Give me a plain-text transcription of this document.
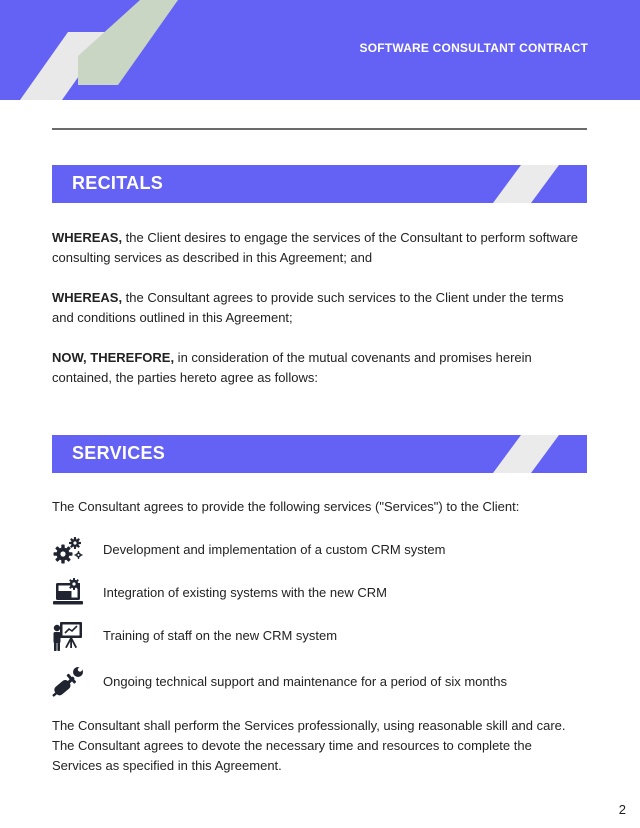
SOFTWARE CONSULTANT CONTRACT
RECITALS
WHEREAS, the Client desires to engage the services of the Consultant to perform software
consulting services as described in this Agreement; and
WHEREAS, the Consultant agrees to provide such services to the Client under the terms
and conditions outlined in this Agreement;
NOW, THEREFORE, in consideration of the mutual covenants and promises herein
contained, the parties hereto agree as follows:
SERVICES
The Consultant agrees to provide the following services ("Services") to the Client:
Development and implementation of a custom CRM system
Integration of existing systems with the new CRM
Training of staff on the new CRM system
Ongoing technical support and maintenance for a period of six months
The Consultant shall perform the Services professionally, using reasonable skill and care.
The Consultant agrees to devote the necessary time and resources to complete the
Services as specified in this Agreement.
2
